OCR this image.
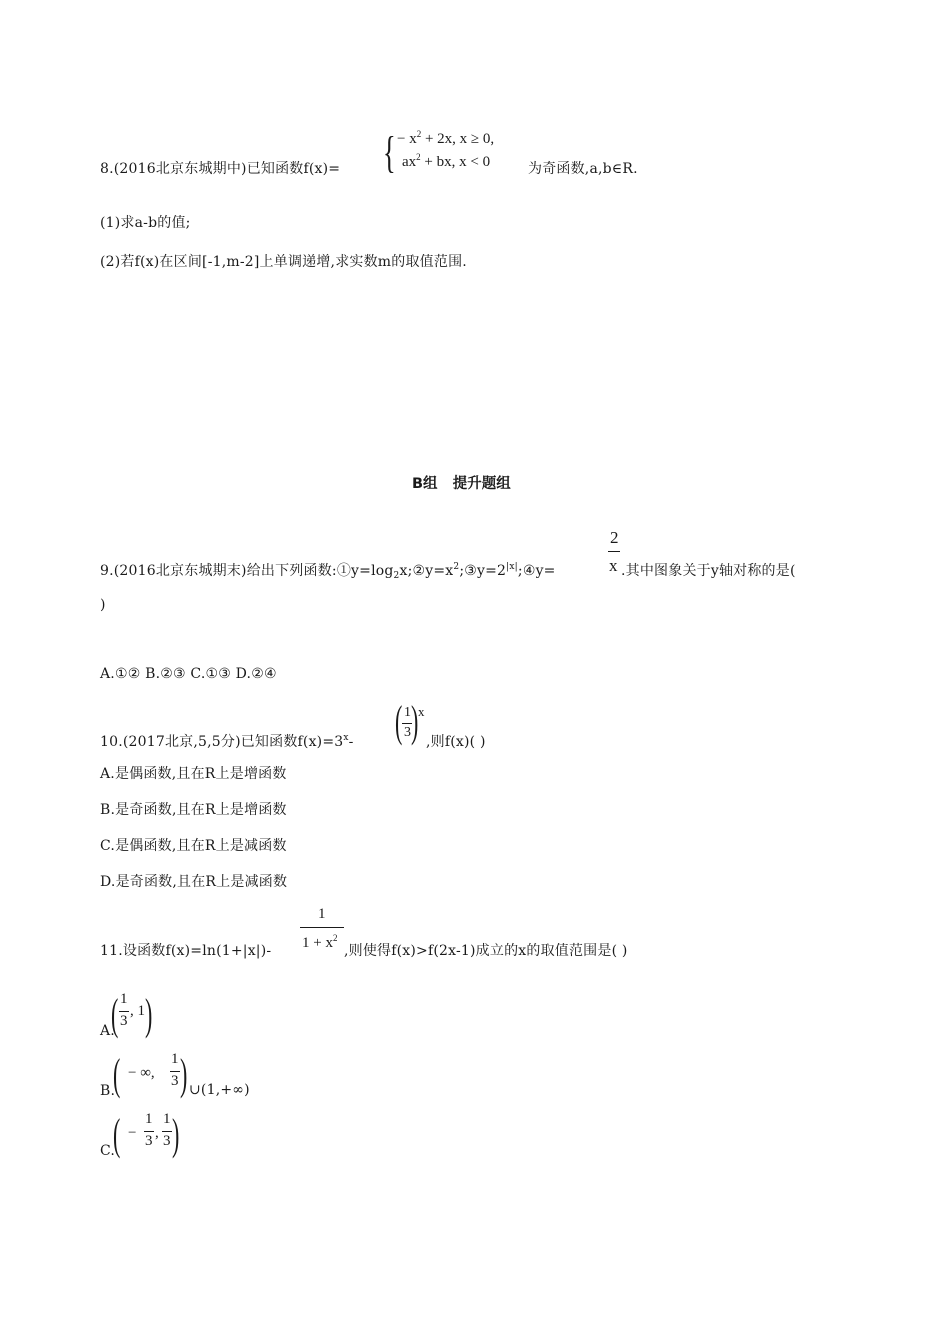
8.(2016北京东城期中)已知函数f(x)= { − $x^2 + 2x$, x ≥ 0,
$ax^2$ + bx, x < 0	为奇函数,a,b∈R.
(1)求a-b的值;
(2)若f(x)在区间[-1,m-2]上单调递增,求实数m的取值范围.
B组 提升题组
9.(2016北京东城期末)给出下列函数$:①y=\log_2x;②y=x^2;③y=2^{|x|};④y=$
2
x .其中图象关于y轴对称的是(
)
A.①② B.②③ C.①③ D.②④
10.(2017北京,5,5分)已知函数$f(x)=3^x-$ ( 1
3 ) x
,则f(x)( )
A.是偶函数,且在R上是增函数
B.是奇函数,且在R上是增函数
C.是偶函数,且在R上是减函数
D.是奇函数,且在R上是减函数
11.设函数f(x)=ln(1+|x|)-
1
$1 + x^2$
,则使得f(x)>f(2x-1)成立的x的取值范围是( )
A.
( 1
3
, 1 )
B.
( − ∞,
1
3 ) ∪(1,+∞)
C.
( −
1
3 ,
1
3 )
